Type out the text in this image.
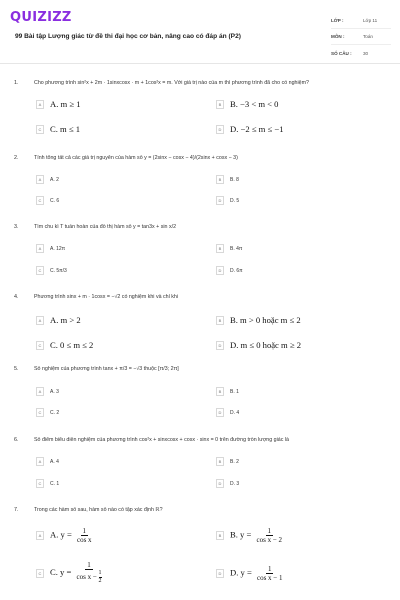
QUIZIZZ
99 Bài tập Lượng giác từ đề thi đại học cơ bản, nâng cao có đáp án (P2)
LỚP :	Lớp 11
MÔN :	Toán
SỐ CÂU :	30
1.	Cho phương trình sin²x + 2m · 1sinxcosx · m + 1cos²x = m. Với giá trị nào của m thì phương trình đã cho có nghiệm?
A	A. m ≥ 1	B	B. −3 < m < 0
C C. m ≤ 1	D D. −2 ≤ m ≤ −1
2.	Tính tổng tất cả các giá trị nguyên của hàm số y = (2sinx − cosx − 4)/(2sinx + cosx − 3)
A	A. 2	B	B. 8
C	C. 6	D	D. 5
3.	Tìm chu kì T tuần hoàn của đồ thị hàm số y = tan3x + sin x/2
A	A. 12π	B	B. 4π
C	C. 5π/3	D	D. 6π
4.	Phương trình sinx + m · 1cosx = −√2 có nghiệm khi và chỉ khi
A	A. m > 2	B	B. m > 0 hoặc m ≤ 2
C C. 0 ≤ m ≤ 2	D D. m ≤ 0 hoặc m ≥ 2
5.	Số nghiệm của phương trình tanx + π/3 = −√3 thuộc [π/3; 2π]
A	A. 3	B	B. 1
C	C. 2	D	D. 4
6.	Số điểm biểu diễn nghiệm của phương trình cos²x + sinxcosx + cosx · sinx = 0 trên đường tròn lượng giác là
A	A. 4	B	B. 2
C	C. 1	D	D. 3
7.	Trong các hàm số sau, hàm số nào có tập xác định ℝ?
A	A. $y = \frac{1}{\text{cos x}}$	B	B. $y = \frac{1}{\text{cos x − 2}}$
C C. $y = \frac{1}{\cos x - \frac{1}{2}}$	D D. $y = \frac{1}{\text{cos x − 1}}$
